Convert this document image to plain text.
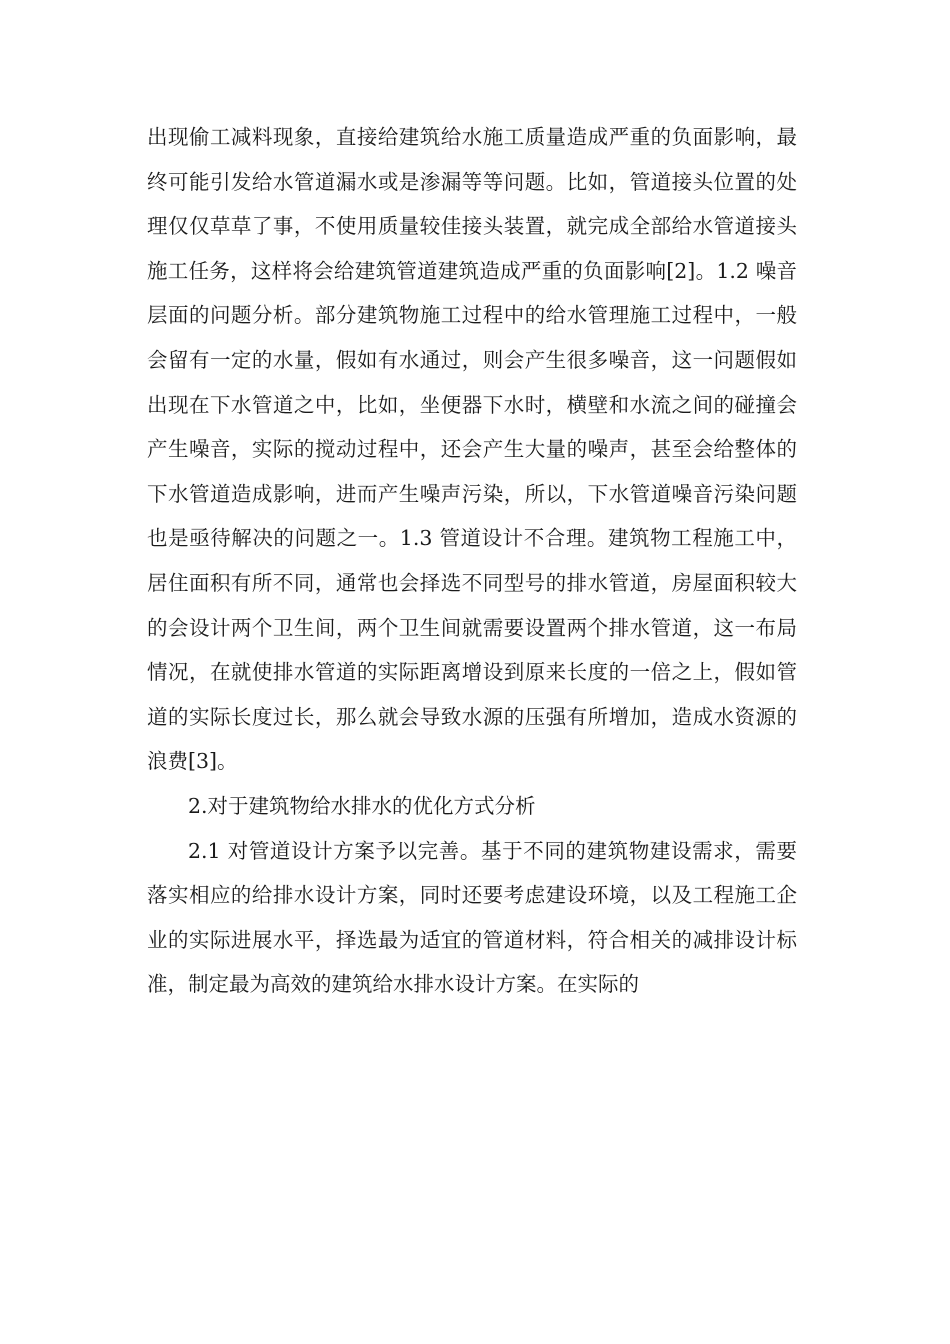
出现偷工减料现象，直接给建筑给水施工质量造成严重的负面影响，最终可能引发给水管道漏水或是渗漏等等问题。比如，管道接头位置的处理仅仅草草了事，不使用质量较佳接头装置，就完成全部给水管道接头施工任务，这样将会给建筑管道建筑造成严重的负面影响[2]。1.2 噪音层面的问题分析。部分建筑物施工过程中的给水管理施工过程中，一般会留有一定的水量，假如有水通过，则会产生很多噪音，这一问题假如出现在下水管道之中，比如，坐便器下水时，横壁和水流之间的碰撞会产生噪音，实际的搅动过程中，还会产生大量的噪声，甚至会给整体的下水管道造成影响，进而产生噪声污染，所以，下水管道噪音污染问题也是亟待解决的问题之一。1.3 管道设计不合理。建筑物工程施工中，居住面积有所不同，通常也会择选不同型号的排水管道，房屋面积较大的会设计两个卫生间，两个卫生间就需要设置两个排水管道，这一布局情况，在就使排水管道的实际距离增设到原来长度的一倍之上，假如管道的实际长度过长，那么就会导致水源的压强有所增加，造成水资源的浪费[3]。

2.对于建筑物给水排水的优化方式分析

2.1 对管道设计方案予以完善。基于不同的建筑物建设需求，需要落实相应的给排水设计方案，同时还要考虑建设环境，以及工程施工企业的实际进展水平，择选最为适宜的管道材料，符合相关的减排设计标准，制定最为高效的建筑给水排水设计方案。在实际的
